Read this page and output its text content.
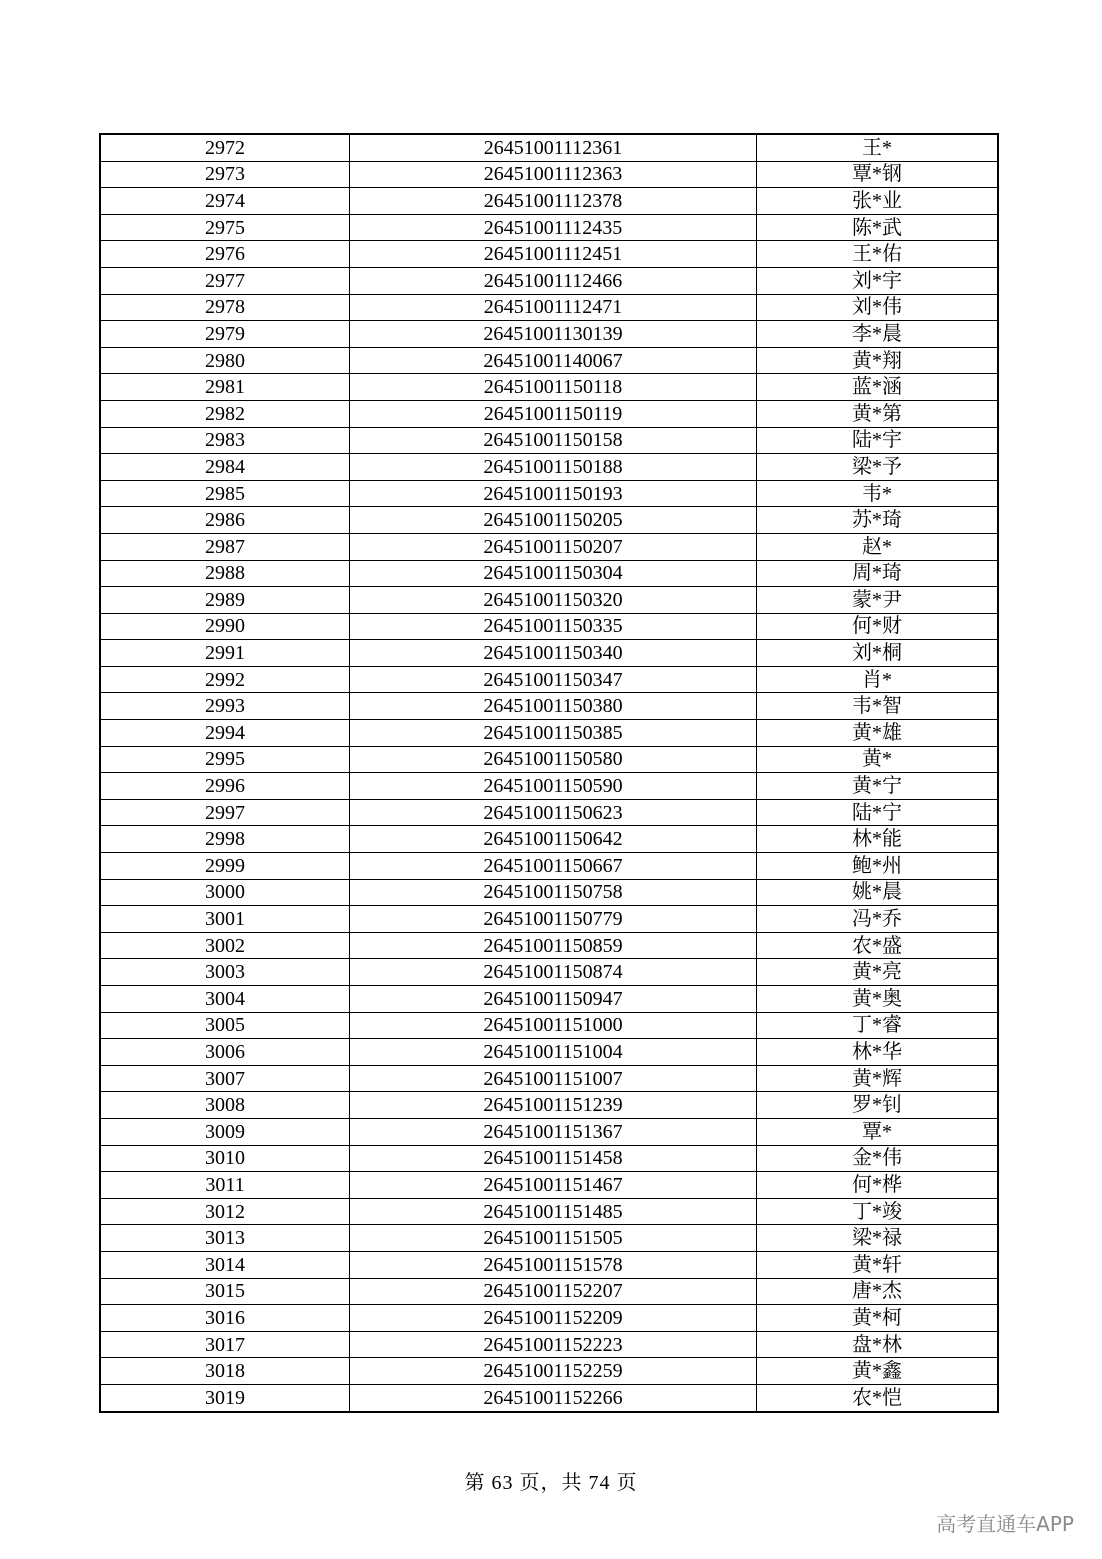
2972	26451001112361	王*
2973	26451001112363	覃*钢
2974	26451001112378	张*业
2975	26451001112435	陈*武
2976	26451001112451	王*佑
2977	26451001112466	刘*宇
2978	26451001112471	刘*伟
2979	26451001130139	李*晨
2980	26451001140067	黄*翔
2981	26451001150118	蓝*涵
2982	26451001150119	黄*第
2983	26451001150158	陆*宇
2984	26451001150188	梁*予
2985	26451001150193	韦*
2986	26451001150205	苏*琦
2987	26451001150207	赵*
2988	26451001150304	周*琦
2989	26451001150320	蒙*尹
2990	26451001150335	何*财
2991	26451001150340	刘*桐
2992	26451001150347	肖*
2993	26451001150380	韦*智
2994	26451001150385	黄*雄
2995	26451001150580	黄*
2996	26451001150590	黄*宁
2997	26451001150623	陆*宁
2998	26451001150642	林*能
2999	26451001150667	鲍*州
3000	26451001150758	姚*晨
3001	26451001150779	冯*乔
3002	26451001150859	农*盛
3003	26451001150874	黄*亮
3004	26451001150947	黄*奥
3005	26451001151000	丁*睿
3006	26451001151004	林*华
3007	26451001151007	黄*辉
3008	26451001151239	罗*钊
3009	26451001151367	覃*
3010	26451001151458	金*伟
3011	26451001151467	何*桦
3012	26451001151485	丁*竣
3013	26451001151505	梁*禄
3014	26451001151578	黄*轩
3015	26451001152207	唐*杰
3016	26451001152209	黄*柯
3017	26451001152223	盘*林
3018	26451001152259	黄*鑫
3019	26451001152266	农*恺
第 63 页，共 74 页
高考直通车APP
